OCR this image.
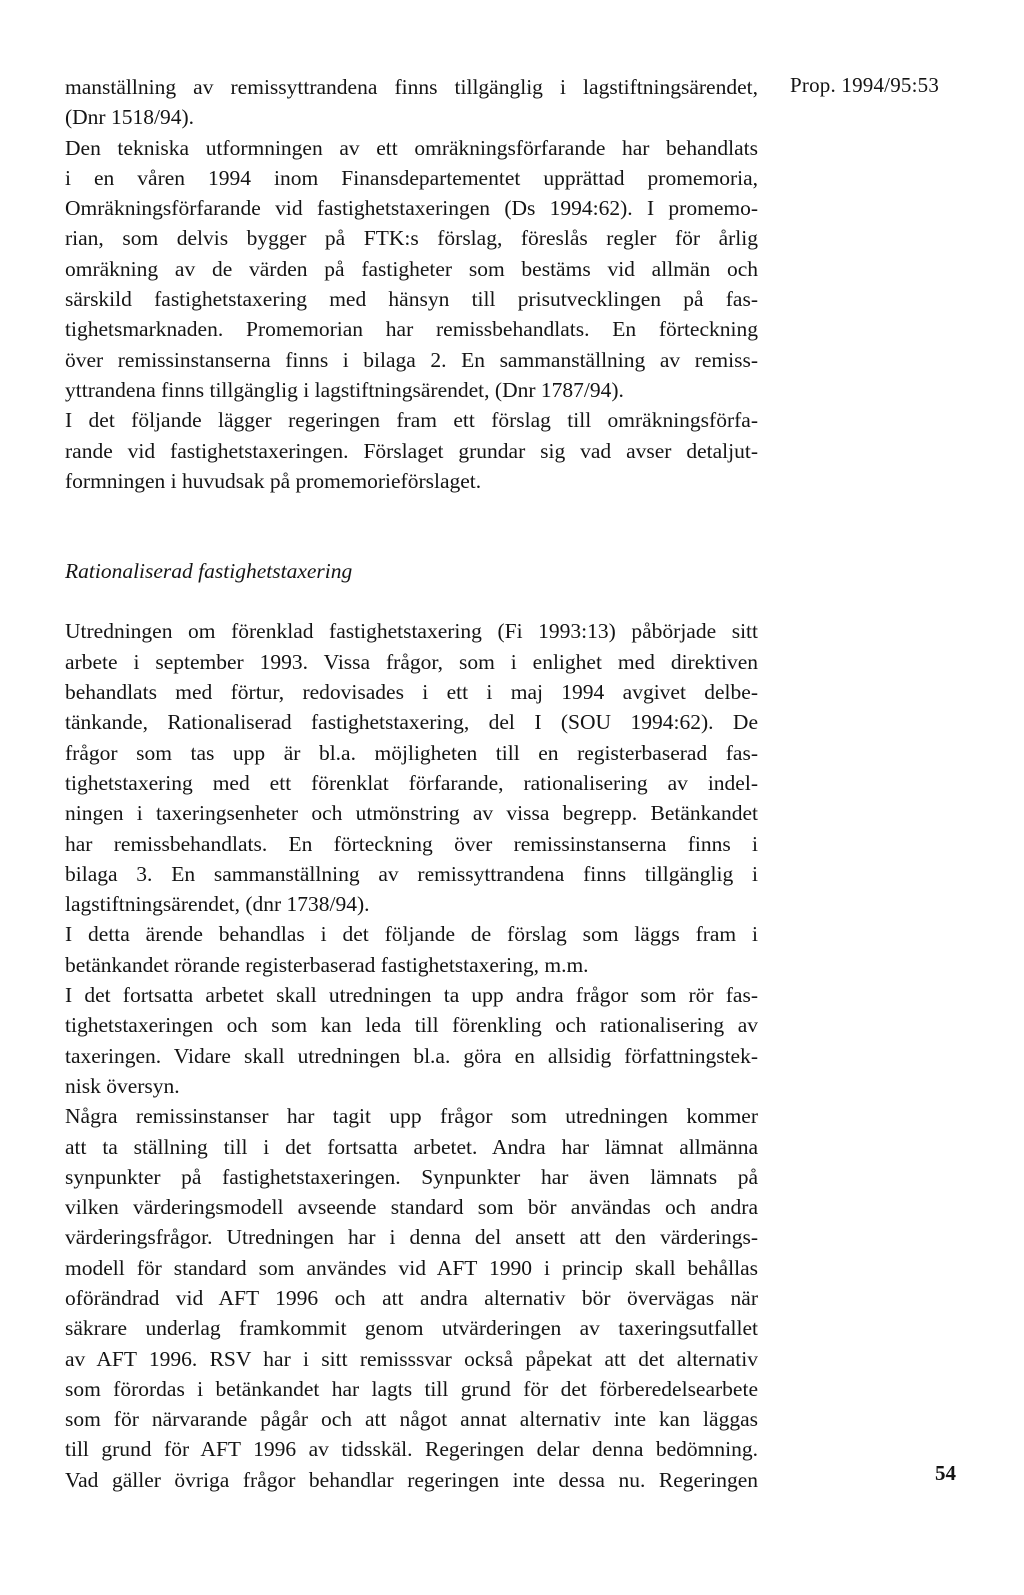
Prop. 1994/95:53
manställning av remissyttrandena finns tillgänglig i lagstiftningsärendet,
(Dnr 1518/94).
Den tekniska utformningen av ett omräkningsförfarande har behandlats
i en våren 1994 inom Finansdepartementet upprättad promemoria,
Omräkningsförfarande vid fastighetstaxeringen (Ds 1994:62). I promemo-
rian, som delvis bygger på FTK:s förslag, föreslås regler för årlig
omräkning av de värden på fastigheter som bestäms vid allmän och
särskild fastighetstaxering med hänsyn till prisutvecklingen på fas-
tighetsmarknaden. Promemorian har remissbehandlats. En förteckning
över remissinstanserna finns i bilaga 2. En sammanställning av remiss-
yttrandena finns tillgänglig i lagstiftningsärendet, (Dnr 1787/94).
I det följande lägger regeringen fram ett förslag till omräkningsförfa-
rande vid fastighetstaxeringen. Förslaget grundar sig vad avser detaljut-
formningen i huvudsak på promemorieförslaget.
Rationaliserad fastighetstaxering
Utredningen om förenklad fastighetstaxering (Fi 1993:13) påbörjade sitt
arbete i september 1993. Vissa frågor, som i enlighet med direktiven
behandlats med förtur, redovisades i ett i maj 1994 avgivet delbe-
tänkande, Rationaliserad fastighetstaxering, del I (SOU 1994:62). De
frågor som tas upp är bl.a. möjligheten till en registerbaserad fas-
tighetstaxering med ett förenklat förfarande, rationalisering av indel-
ningen i taxeringsenheter och utmönstring av vissa begrepp. Betänkandet
har remissbehandlats. En förteckning över remissinstanserna finns i
bilaga 3. En sammanställning av remissyttrandena finns tillgänglig i
lagstiftningsärendet, (dnr 1738/94).
I detta ärende behandlas i det följande de förslag som läggs fram i
betänkandet rörande registerbaserad fastighetstaxering, m.m.
I det fortsatta arbetet skall utredningen ta upp andra frågor som rör fas-
tighetstaxeringen och som kan leda till förenkling och rationalisering av
taxeringen. Vidare skall utredningen bl.a. göra en allsidig författningstek-
nisk översyn.
Några remissinstanser har tagit upp frågor som utredningen kommer
att ta ställning till i det fortsatta arbetet. Andra har lämnat allmänna
synpunkter på fastighetstaxeringen. Synpunkter har även lämnats på
vilken värderingsmodell avseende standard som bör användas och andra
värderingsfrågor. Utredningen har i denna del ansett att den värderings-
modell för standard som användes vid AFT 1990 i princip skall behållas
oförändrad vid AFT 1996 och att andra alternativ bör övervägas när
säkrare underlag framkommit genom utvärderingen av taxeringsutfallet
av AFT 1996. RSV har i sitt remisssvar också påpekat att det alternativ
som förordas i betänkandet har lagts till grund för det förberedelsearbete
som för närvarande pågår och att något annat alternativ inte kan läggas
till grund för AFT 1996 av tidsskäl. Regeringen delar denna bedömning.
Vad gäller övriga frågor behandlar regeringen inte dessa nu. Regeringen	54
